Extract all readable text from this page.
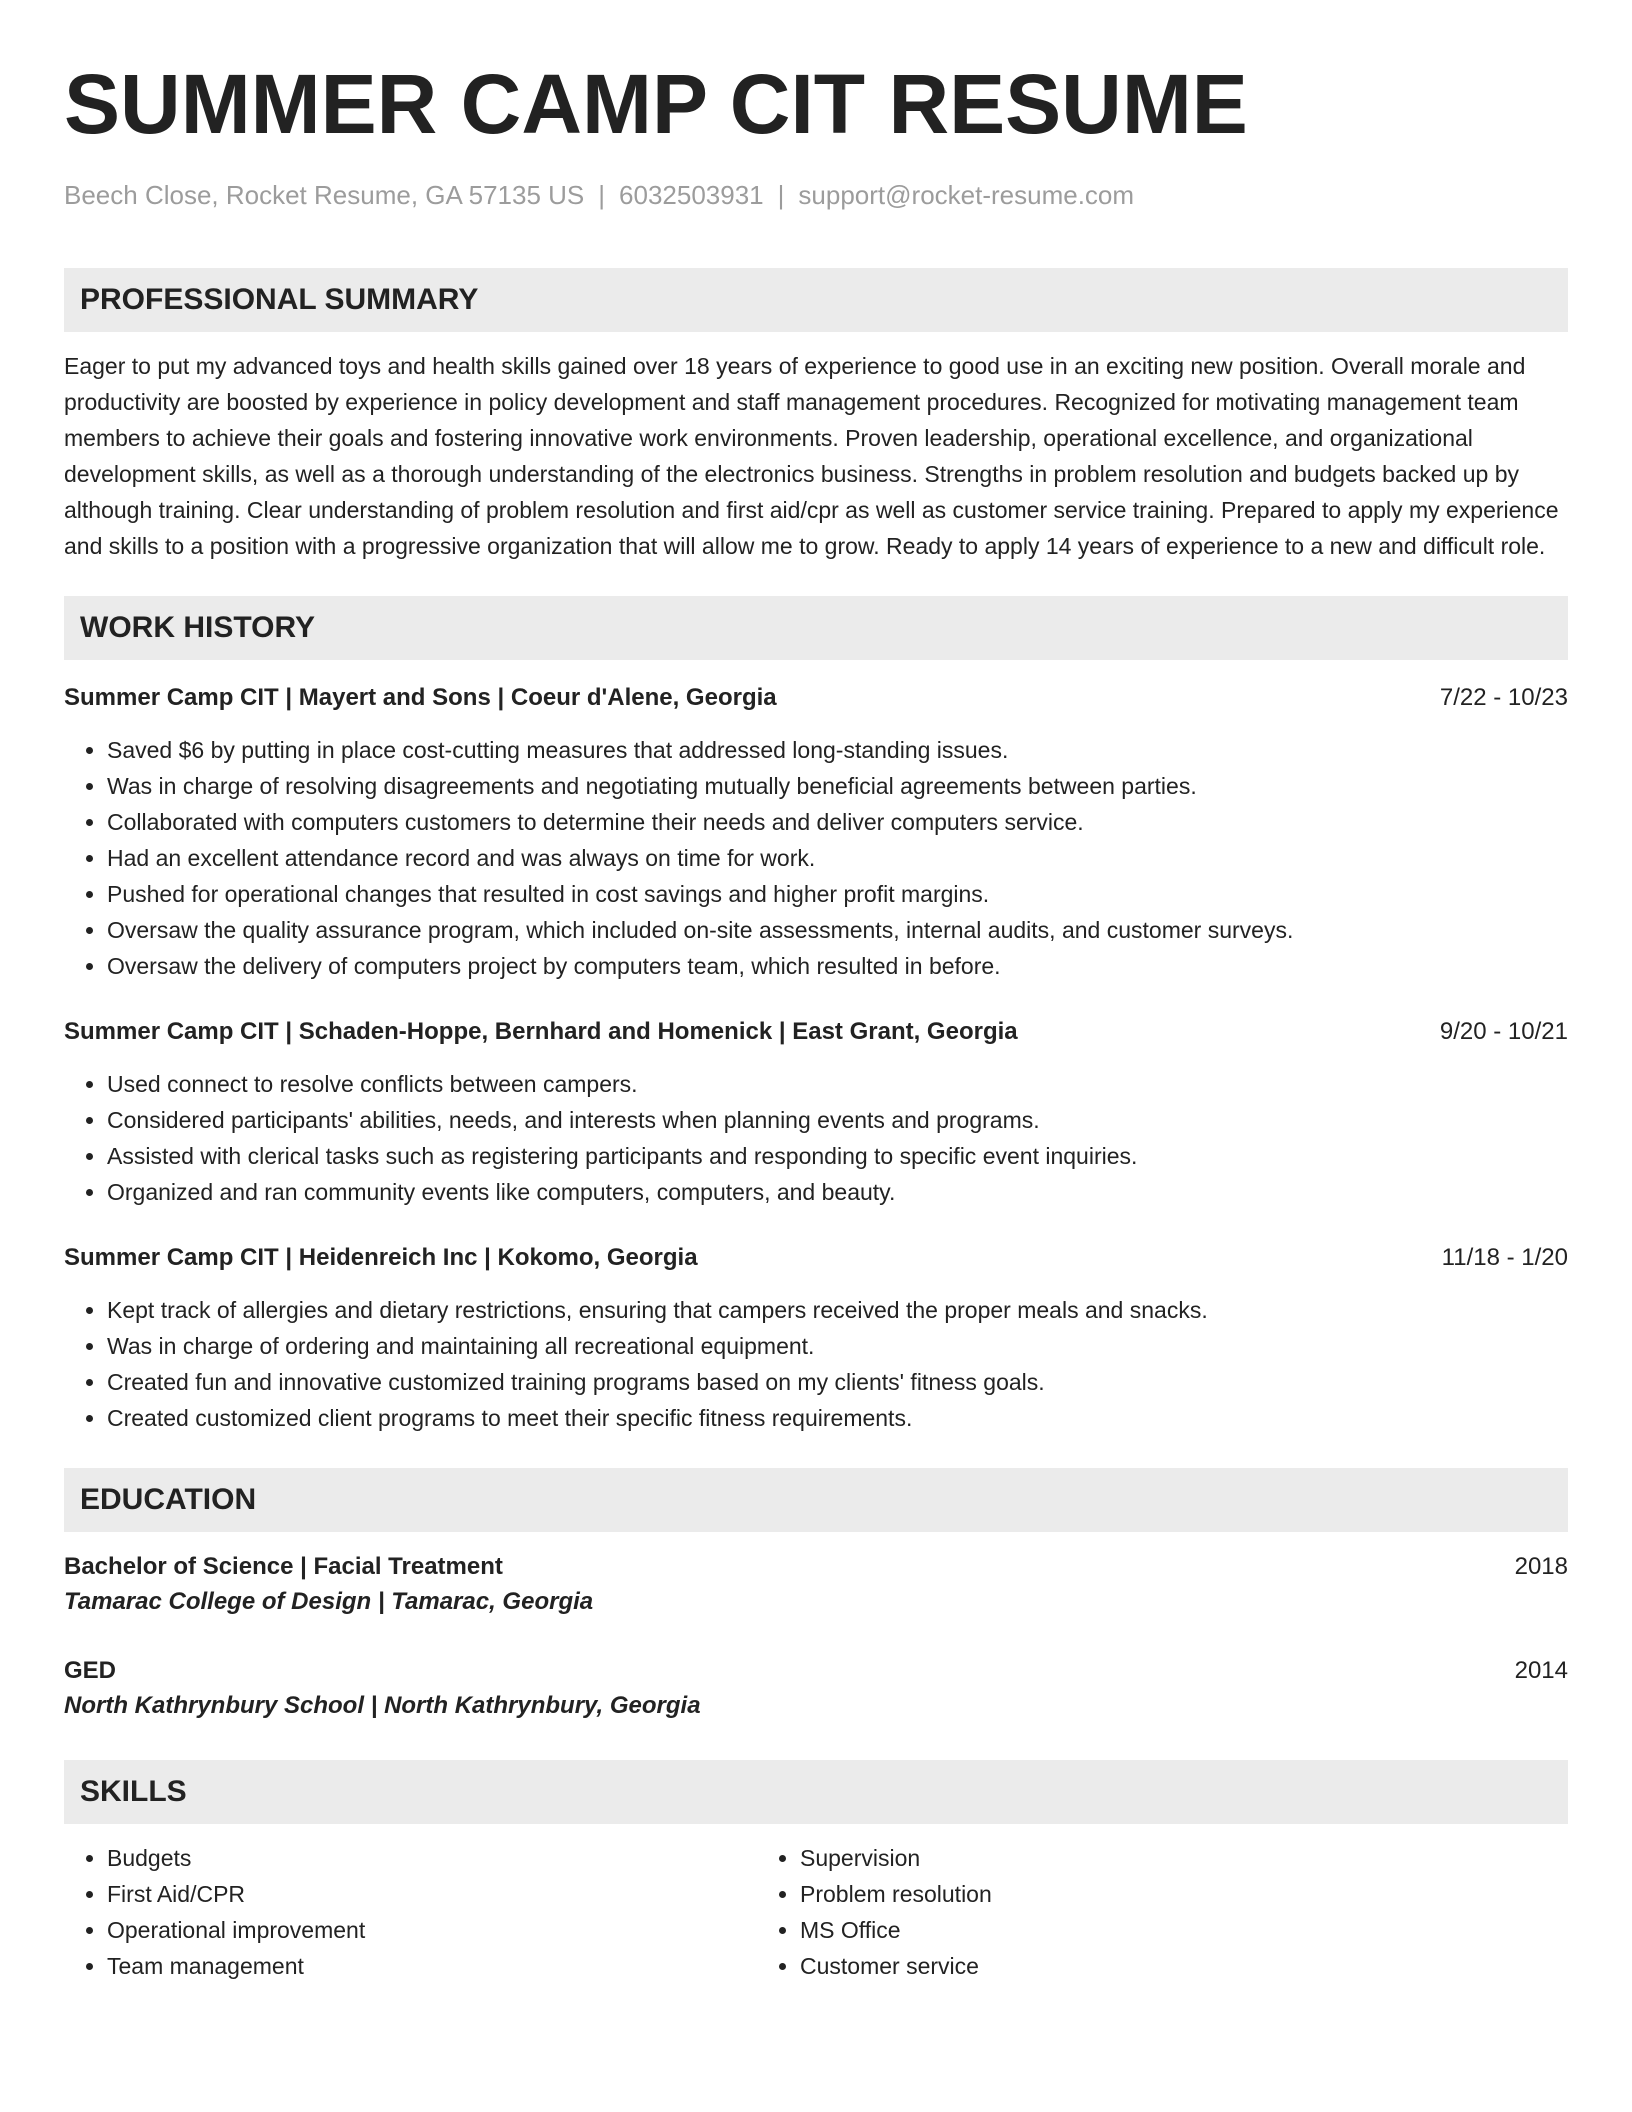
SUMMER CAMP CIT RESUME
Beech Close, Rocket Resume, GA 57135 US | 6032503931 | support@rocket-resume.com
PROFESSIONAL SUMMARY

Eager to put my advanced toys and health skills gained over 18 years of experience to good use in an exciting new position. Overall morale and productivity are boosted by experience in policy development and staff management procedures. Recognized for motivating management team members to achieve their goals and fostering innovative work environments. Proven leadership, operational excellence, and organizational development skills, as well as a thorough understanding of the electronics business. Strengths in problem resolution and budgets backed up by although training. Clear understanding of problem resolution and first aid/cpr as well as customer service training. Prepared to apply my experience and skills to a position with a progressive organization that will allow me to grow. Ready to apply 14 years of experience to a new and difficult role.

WORK HISTORY
Summer Camp CIT | Mayert and Sons | Coeur d'Alene, Georgia	7/22 - 10/23
• Saved $6 by putting in place cost-cutting measures that addressed long-standing issues.
• Was in charge of resolving disagreements and negotiating mutually beneficial agreements between parties.
• Collaborated with computers customers to determine their needs and deliver computers service.
• Had an excellent attendance record and was always on time for work.
• Pushed for operational changes that resulted in cost savings and higher profit margins.
• Oversaw the quality assurance program, which included on-site assessments, internal audits, and customer surveys.
• Oversaw the delivery of computers project by computers team, which resulted in before.
Summer Camp CIT | Schaden-Hoppe, Bernhard and Homenick | East Grant, Georgia	9/20 - 10/21
• Used connect to resolve conflicts between campers.
• Considered participants' abilities, needs, and interests when planning events and programs.
• Assisted with clerical tasks such as registering participants and responding to specific event inquiries.
• Organized and ran community events like computers, computers, and beauty.
Summer Camp CIT | Heidenreich Inc | Kokomo, Georgia	11/18 - 1/20
• Kept track of allergies and dietary restrictions, ensuring that campers received the proper meals and snacks.
• Was in charge of ordering and maintaining all recreational equipment.
• Created fun and innovative customized training programs based on my clients' fitness goals.
• Created customized client programs to meet their specific fitness requirements.
EDUCATION
Bachelor of Science | Facial Treatment	2018
Tamarac College of Design | Tamarac, Georgia
GED	2014
North Kathrynbury School | North Kathrynbury, Georgia
SKILLS
• Budgets
• First Aid/CPR
• Operational improvement
• Team management
• Supervision
• Problem resolution
• MS Office
• Customer service
